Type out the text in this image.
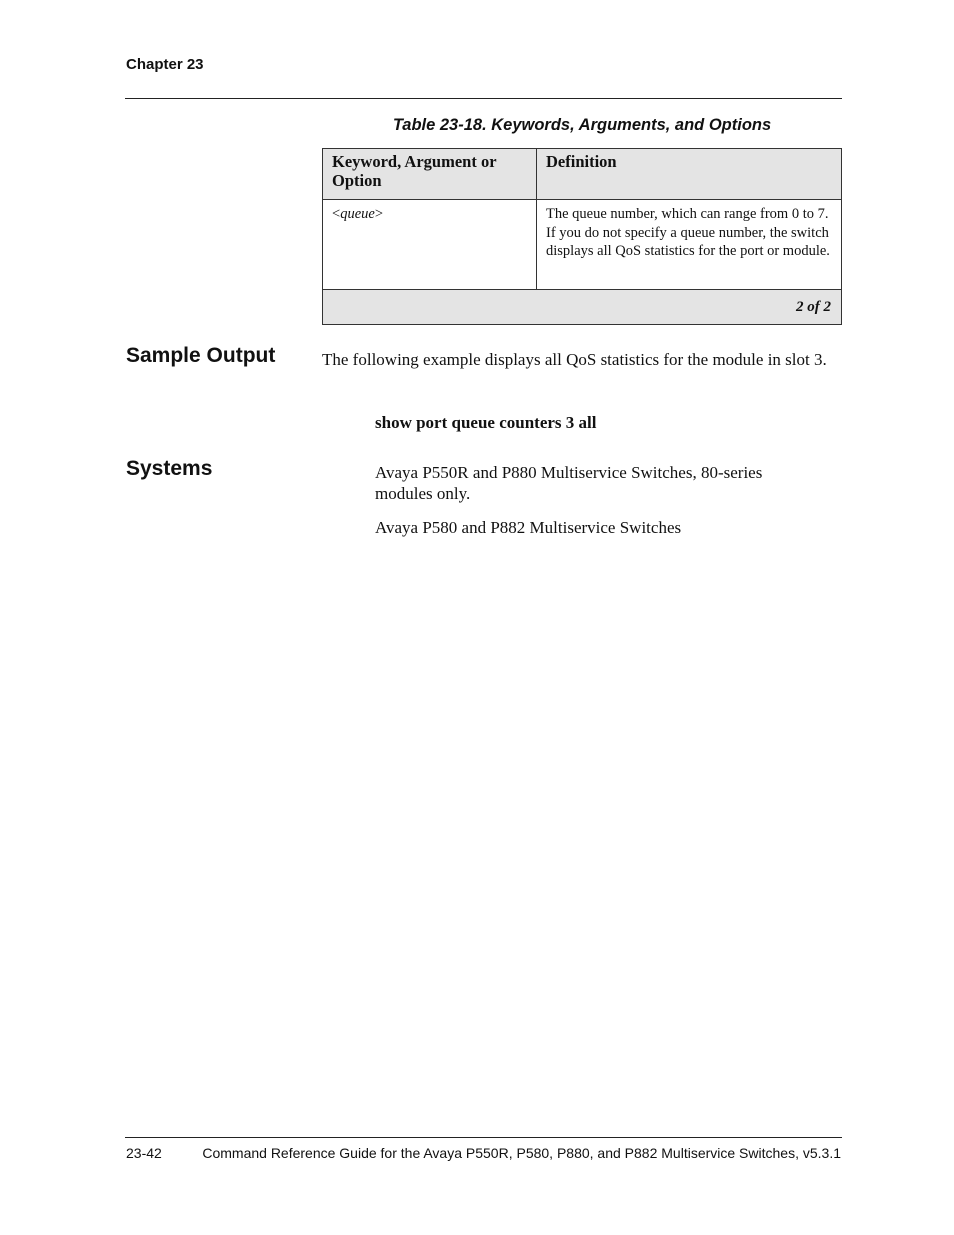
Chapter 23
Table 23-18. Keywords, Arguments, and Options
Keyword, Argument or Option	Definition
<queue>	The queue number, which can range from 0 to 7. If you do not specify a queue number, the switch displays all QoS statistics for the port or module.
2 of 2	
Sample Output	The following example displays all QoS statistics for the module in slot 3.
show port queue counters 3 all
Systems	Avaya P550R and P880 Multiservice Switches, 80-series modules only.
Avaya P580 and P882 Multiservice Switches
23-42	Command Reference Guide for the Avaya P550R, P580, P880, and P882 Multiservice Switches, v5.3.1
